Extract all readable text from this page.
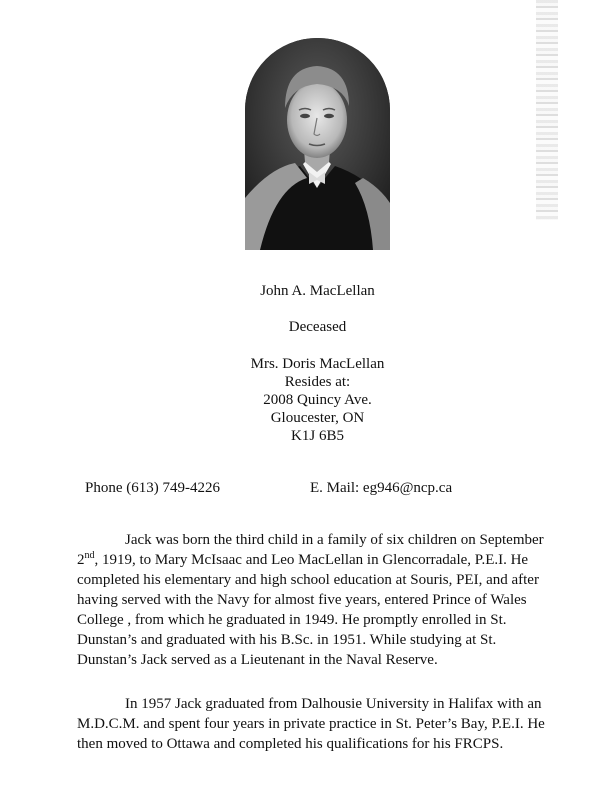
John A. MacLellan
Deceased
Mrs. Doris MacLellan
Resides at:
2008 Quincy Ave.
Gloucester, ON
K1J 6B5
Phone (613) 749-4226	E. Mail: eg946@ncp.ca

Jack was born the third child in a family of six children on September 2nd, 1919, to Mary McIsaac and Leo MacLellan in Glencorradale, P.E.I. He completed his elementary and high school education at Souris, PEI, and after having served with the Navy for almost five years, entered Prince of Wales College , from which he graduated in 1949. He promptly enrolled in St. Dunstan’s and graduated with his B.Sc. in 1951. While studying at St. Dunstan’s Jack served as a Lieutenant in the Naval Reserve.

In 1957 Jack graduated from Dalhousie University in Halifax with an M.D.C.M. and spent four years in private practice in St. Peter’s Bay, P.E.I. He then moved to Ottawa and completed his qualifications for his FRCPS.
